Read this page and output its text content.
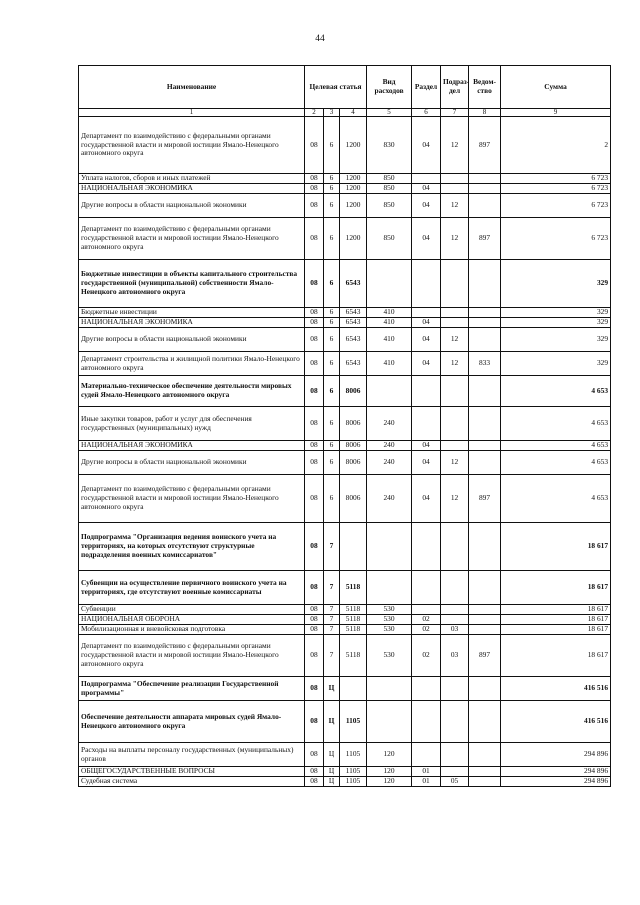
44
Наименование	Целевая статья			Вид расходов	Раздел	Подраз-дел	Ведом-ство	Сумма
1	2	3	4	5	6	7	8	9
Департамент по взаимодействию с федеральными органами государственной власти и мировой юстиции Ямало-Ненецкого автономного округа	08	6	1200	830	04	12	897	2
Уплата налогов, сборов и иных платежей	08	6	1200	850				6 723
НАЦИОНАЛЬНАЯ ЭКОНОМИКА	08	6	1200	850	04			6 723
Другие вопросы в области национальной экономики	08	6	1200	850	04	12		6 723
Департамент по взаимодействию с федеральными органами государственной власти и мировой юстиции Ямало-Ненецкого автономного округа	08	6	1200	850	04	12	897	6 723
Бюджетные инвестиции в объекты капитального строительства государственной (муниципальной) собственности Ямало-Ненецкого автономного округа	08	6	6543					329
Бюджетные инвестиции	08	6	6543	410				329
НАЦИОНАЛЬНАЯ ЭКОНОМИКА	08	6	6543	410	04			329
Другие вопросы в области национальной экономики	08	6	6543	410	04	12		329
Департамент строительства и жилищной политики Ямало-Ненецкого автономного округа	08	6	6543	410	04	12	833	329
Материально-техническое обеспечение деятельности мировых судей Ямало-Ненецкого автономного округа	08	6	8006					4 653
Иные закупки товаров, работ и услуг для обеспечения государственных (муниципальных) нужд	08	6	8006	240				4 653
НАЦИОНАЛЬНАЯ ЭКОНОМИКА	08	6	8006	240	04			4 653
Другие вопросы в области национальной экономики	08	6	8006	240	04	12		4 653
Департамент по взаимодействию с федеральными органами государственной власти и мировой юстиции Ямало-Ненецкого автономного округа	08	6	8006	240	04	12	897	4 653
Подпрограмма "Организация ведения воинского учета на территориях, на которых отсутствуют структурные подразделения военных комиссариатов"	08	7						18 617
Субвенции на осуществление первичного воинского учета на территориях, где отсутствуют военные комиссариаты	08	7	5118					18 617
Субвенции	08	7	5118	530				18 617
НАЦИОНАЛЬНАЯ ОБОРОНА	08	7	5118	530	02			18 617
Мобилизационная и вневойсковая подготовка	08	7	5118	530	02	03		18 617
Департамент по взаимодействию с федеральными органами государственной власти и мировой юстиции Ямало-Ненецкого автономного округа	08	7	5118	530	02	03	897	18 617
Подпрограмма "Обеспечение реализации Государственной программы"	08	Ц						416 516
Обеспечение деятельности аппарата мировых судей Ямало-Ненецкого автономного округа	08	Ц	1105					416 516
Расходы на выплаты персоналу государственных (муниципальных) органов	08	Ц	1105	120				294 896
ОБЩЕГОСУДАРСТВЕННЫЕ ВОПРОСЫ	08	Ц	1105	120	01			294 896
Судебная система	08	Ц	1105	120	01	05		294 896
